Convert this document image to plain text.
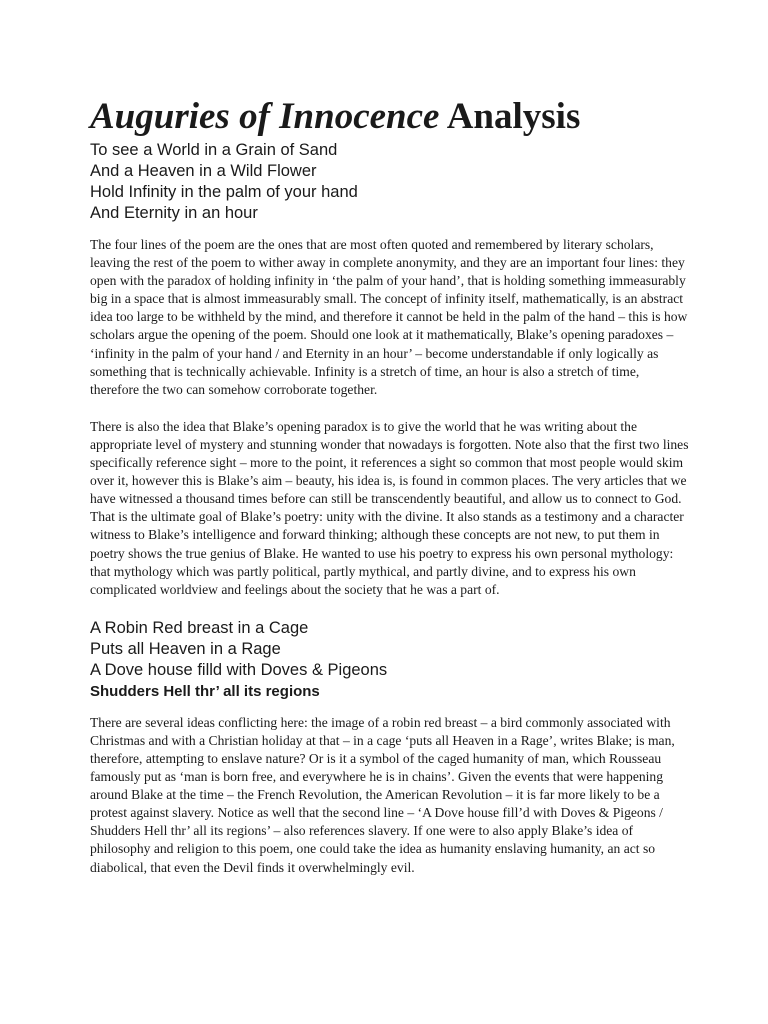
Auguries of Innocence Analysis
To see a World in a Grain of Sand
And a Heaven in a Wild Flower
Hold Infinity in the palm of your hand
And Eternity in an hour

The four lines of the poem are the ones that are most often quoted and remembered by literary scholars, leaving the rest of the poem to wither away in complete anonymity, and they are an important four lines: they open with the paradox of holding infinity in ‘the palm of your hand’, that is holding something immeasurably big in a space that is almost immeasurably small. The concept of infinity itself, mathematically, is an abstract idea too large to be withheld by the mind, and therefore it cannot be held in the palm of the hand – this is how scholars argue the opening of the poem. Should one look at it mathematically, Blake’s opening paradoxes – ‘infinity in the palm of your hand / and Eternity in an hour’ – become understandable if only logically as something that is technically achievable. Infinity is a stretch of time, an hour is also a stretch of time, therefore the two can somehow corroborate together.

There is also the idea that Blake’s opening paradox is to give the world that he was writing about the appropriate level of mystery and stunning wonder that nowadays is forgotten. Note also that the first two lines specifically reference sight – more to the point, it references a sight so common that most people would skim over it, however this is Blake’s aim – beauty, his idea is, is found in common places. The very articles that we have witnessed a thousand times before can still be transcendently beautiful, and allow us to connect to God. That is the ultimate goal of Blake’s poetry: unity with the divine. It also stands as a testimony and a character witness to Blake’s intelligence and forward thinking; although these concepts are not new, to put them in poetry shows the true genius of Blake. He wanted to use his poetry to express his own personal mythology: that mythology which was partly political, partly mythical, and partly divine, and to express his own complicated worldview and feelings about the society that he was a part of.

A Robin Red breast in a Cage
Puts all Heaven in a Rage
A Dove house filld with Doves & Pigeons
Shudders Hell thr’ all its regions

There are several ideas conflicting here: the image of a robin red breast – a bird commonly associated with Christmas and with a Christian holiday at that – in a cage ‘puts all Heaven in a Rage’, writes Blake; is man, therefore, attempting to enslave nature? Or is it a symbol of the caged humanity of man, which Rousseau famously put as ‘man is born free, and everywhere he is in chains’. Given the events that were happening around Blake at the time – the French Revolution, the American Revolution – it is far more likely to be a protest against slavery. Notice as well that the second line – ‘A Dove house fill’d with Doves & Pigeons / Shudders Hell thr’ all its regions’ – also references slavery. If one were to also apply Blake’s idea of philosophy and religion to this poem, one could take the idea as humanity enslaving humanity, an act so diabolical, that even the Devil finds it overwhelmingly evil.
